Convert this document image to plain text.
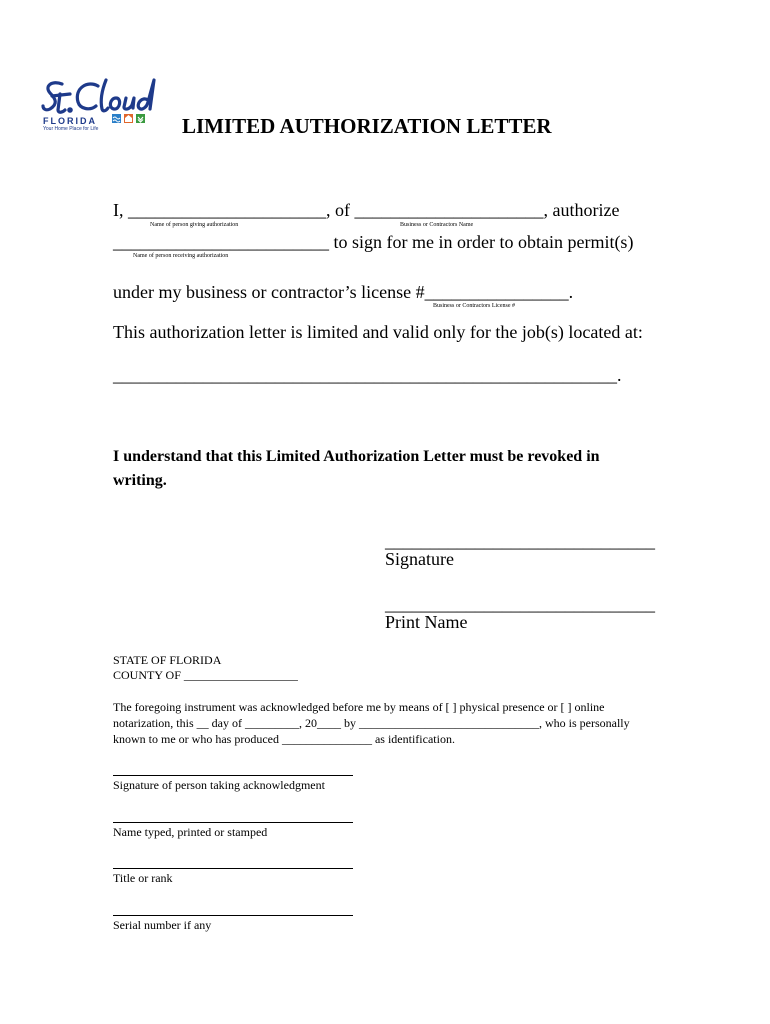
FLORIDA
Your Home Place for Life	LIMITED AUTHORIZATION LETTER
I, ______________________, of _____________________, authorize
Name of person giving authorization	Business or Contractors Name
________________________ to sign for me in order to obtain permit(s)
Name of person receiving authorization
under my business or contractor’s license #________________.
Business or Contractors License #
This authorization letter is limited and valid only for the job(s) located at:
________________________________________________________.
I understand that this Limited Authorization Letter must be revoked in writing.
______________________________
Signature
______________________________
Print Name
STATE OF FLORIDA
COUNTY OF ___________________
The foregoing instrument was acknowledged before me by means of [ ] physical presence or [ ] online
notarization, this __ day of _________, 20____ by ______________________________, who is personally
known to me or who has produced _______________ as identification.
Signature of person taking acknowledgment
Name typed, printed or stamped
Title or rank
Serial number if any
